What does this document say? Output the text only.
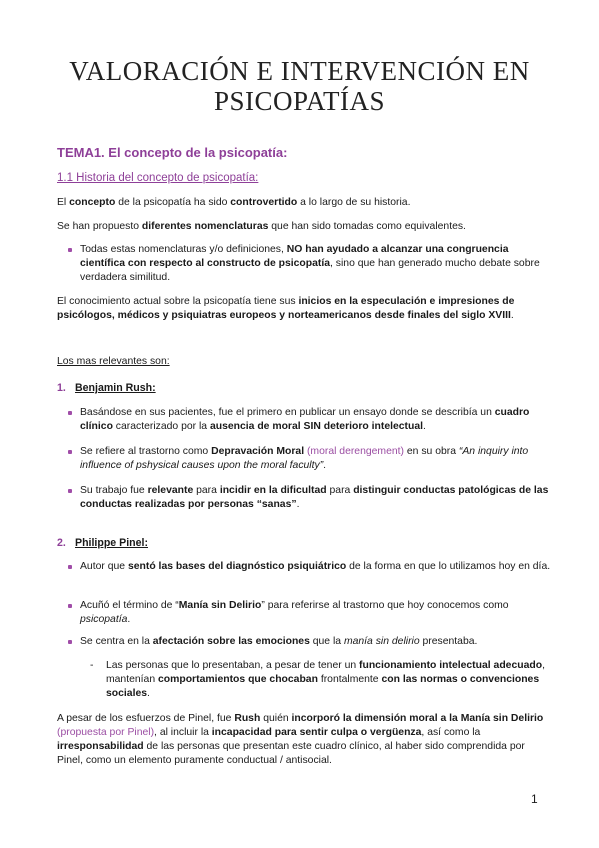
VALORACIÓN E INTERVENCIÓN EN PSICOPATÍAS
TEMA1. El concepto de la psicopatía:
1.1 Historia del concepto de psicopatía:
El concepto de la psicopatía ha sido controvertido a lo largo de su historia.
Se han propuesto diferentes nomenclaturas que han sido tomadas como equivalentes.
Todas estas nomenclaturas y/o definiciones, NO han ayudado a alcanzar una congruencia científica con respecto al constructo de psicopatía, sino que han generado mucho debate sobre verdadera similitud.
El conocimiento actual sobre la psicopatía tiene sus inicios en la especulación e impresiones de psicólogos, médicos y psiquiatras europeos y norteamericanos desde finales del siglo XVIII.
Los mas relevantes son:
1. Benjamin Rush:
Basándose en sus pacientes, fue el primero en publicar un ensayo donde se describía un cuadro clínico caracterizado por la ausencia de moral SIN deterioro intelectual.
Se refiere al trastorno como Depravación Moral (moral derengement) en su obra “An inquiry into influence of pshysical causes upon the moral faculty”.
Su trabajo fue relevante para incidir en la dificultad para distinguir conductas patológicas de las conductas realizadas por personas “sanas”.
2. Philippe Pinel:
Autor que sentó las bases del diagnóstico psiquiátrico de la forma en que lo utilizamos hoy en día.
Acuñó el término de “Manía sin Delirio” para referirse al trastorno que hoy conocemos como psicopatía.
Se centra en la afectación sobre las emociones que la manía sin delirio presentaba.
- Las personas que lo presentaban, a pesar de tener un funcionamiento intelectual adecuado, mantenían comportamientos que chocaban frontalmente con las normas o convenciones sociales.
A pesar de los esfuerzos de Pinel, fue Rush quién incorporó la dimensión moral a la Manía sin Delirio (propuesta por Pinel), al incluir la incapacidad para sentir culpa o vergüenza, así como la irresponsabilidad de las personas que presentan este cuadro clínico, al haber sido comprendida por Pinel, como un elemento puramente conductual / antisocial.
1
